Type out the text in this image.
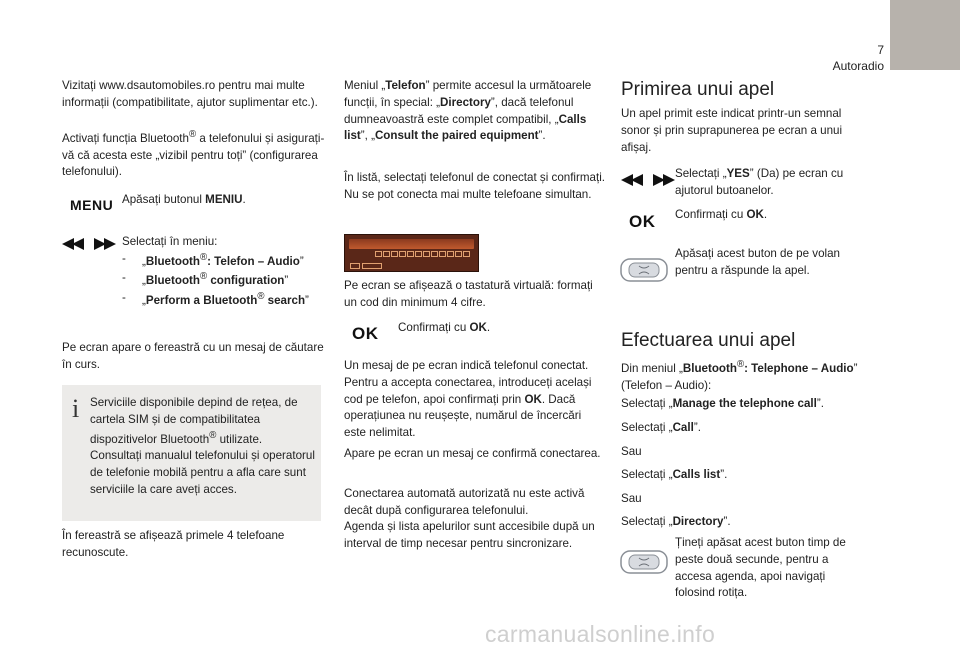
7
Autoradio

Vizitați www.dsautomobiles.ro pentru mai multe informații (compatibilitate, ajutor suplimentar etc.).

Activați funcția Bluetooth® a telefonului și asigurați-vă că acesta este „vizibil pentru toți” (configurarea telefonului).

MENU Apăsați butonul MENIU.

Selectați în meniu:

- „Bluetooth®: Telefon – Audio”
- „Bluetooth® configuration”
- „Perform a Bluetooth® search”

Pe ecran apare o fereastră cu un mesaj de căutare în curs.

i Serviciile disponibile depind de rețea, de cartela SIM și de compatibilitatea dispozitivelor Bluetooth® utilizate. Consultați manualul telefonului și operatorul de telefonie mobilă pentru a afla care sunt serviciile la care aveți acces.

În fereastră se afișează primele 4 telefoane recunoscute.

Meniul „Telefon” permite accesul la următoarele funcții, în special: „Directory”, dacă telefonul dumneavoastră este complet compatibil, „Calls list”, „Consult the paired equipment”.

În listă, selectați telefonul de conectat și confirmați. Nu se pot conecta mai multe telefoane simultan.

Pe ecran se afișează o tastatură virtuală: formați un cod din minimum 4 cifre.

OK Confirmați cu OK.

Un mesaj de pe ecran indică telefonul conectat. Pentru a accepta conectarea, introduceți același cod pe telefon, apoi confirmați prin OK. Dacă operațiunea nu reușește, numărul de încercări este nelimitat.

Apare pe ecran un mesaj ce confirmă conectarea.

Conectarea automată autorizată nu este activă decât după configurarea telefonului.

Agenda și lista apelurilor sunt accesibile după un interval de timp necesar pentru sincronizare.

Primirea unui apel

Un apel primit este indicat printr-un semnal sonor și prin suprapunerea pe ecran a unui afișaj.

Selectați „YES” (Da) pe ecran cu ajutorul butoanelor.

OK Confirmați cu OK.

Apăsați acest buton de pe volan pentru a răspunde la apel.

Efectuarea unui apel

Din meniul „Bluetooth®: Telephone – Audio” (Telefon – Audio):

Selectați „Manage the telephone call”.

Selectați „Call”.

Sau

Selectați „Calls list”.

Sau

Selectați „Directory”.

Țineți apăsat acest buton timp de peste două secunde, pentru a accesa agenda, apoi navigați folosind rotița.

carmanualsonline.info
